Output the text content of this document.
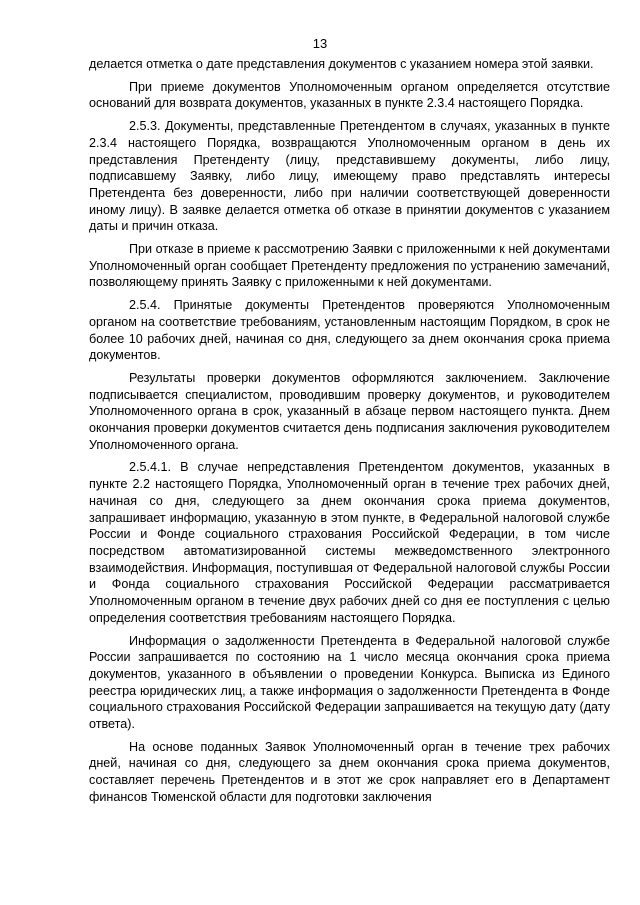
13

делается отметка о дате представления документов с указанием номера этой заявки.

При приеме документов Уполномоченным органом определяется отсутствие оснований для возврата документов, указанных в пункте 2.3.4 настоящего Порядка.

2.5.3. Документы, представленные Претендентом в случаях, указанных в пункте 2.3.4 настоящего Порядка, возвращаются Уполномоченным органом в день их представления Претенденту (лицу, представившему документы, либо лицу, подписавшему Заявку, либо лицу, имеющему право представлять интересы Претендента без доверенности, либо при наличии соответствующей доверенности иному лицу). В заявке делается отметка об отказе в принятии документов с указанием даты и причин отказа.

При отказе в приеме к рассмотрению Заявки с приложенными к ней документами Уполномоченный орган сообщает Претенденту предложения по устранению замечаний, позволяющему принять Заявку с приложенными к ней документами.

2.5.4. Принятые документы Претендентов проверяются Уполномоченным органом на соответствие требованиям, установленным настоящим Порядком, в срок не более 10 рабочих дней, начиная со дня, следующего за днем окончания срока приема документов.

Результаты проверки документов оформляются заключением. Заключение подписывается специалистом, проводившим проверку документов, и руководителем Уполномоченного органа в срок, указанный в абзаце первом настоящего пункта. Днем окончания проверки документов считается день подписания заключения руководителем Уполномоченного органа.

2.5.4.1. В случае непредставления Претендентом документов, указанных в пункте 2.2 настоящего Порядка, Уполномоченный орган в течение трех рабочих дней, начиная со дня, следующего за днем окончания срока приема документов, запрашивает информацию, указанную в этом пункте, в Федеральной налоговой службе России и Фонде социального страхования Российской Федерации, в том числе посредством автоматизированной системы межведомственного электронного взаимодействия. Информация, поступившая от Федеральной налоговой службы России и Фонда социального страхования Российской Федерации рассматривается Уполномоченным органом в течение двух рабочих дней со дня ее поступления с целью определения соответствия требованиям настоящего Порядка.

Информация о задолженности Претендента в Федеральной налоговой службе России запрашивается по состоянию на 1 число месяца окончания срока приема документов, указанного в объявлении о проведении Конкурса. Выписка из Единого реестра юридических лиц, а также информация о задолженности Претендента в Фонде социального страхования Российской Федерации запрашивается на текущую дату (дату ответа).

На основе поданных Заявок Уполномоченный орган в течение трех рабочих дней, начиная со дня, следующего за днем окончания срока приема документов, составляет перечень Претендентов и в этот же срок направляет его в Департамент финансов Тюменской области для подготовки заключения
